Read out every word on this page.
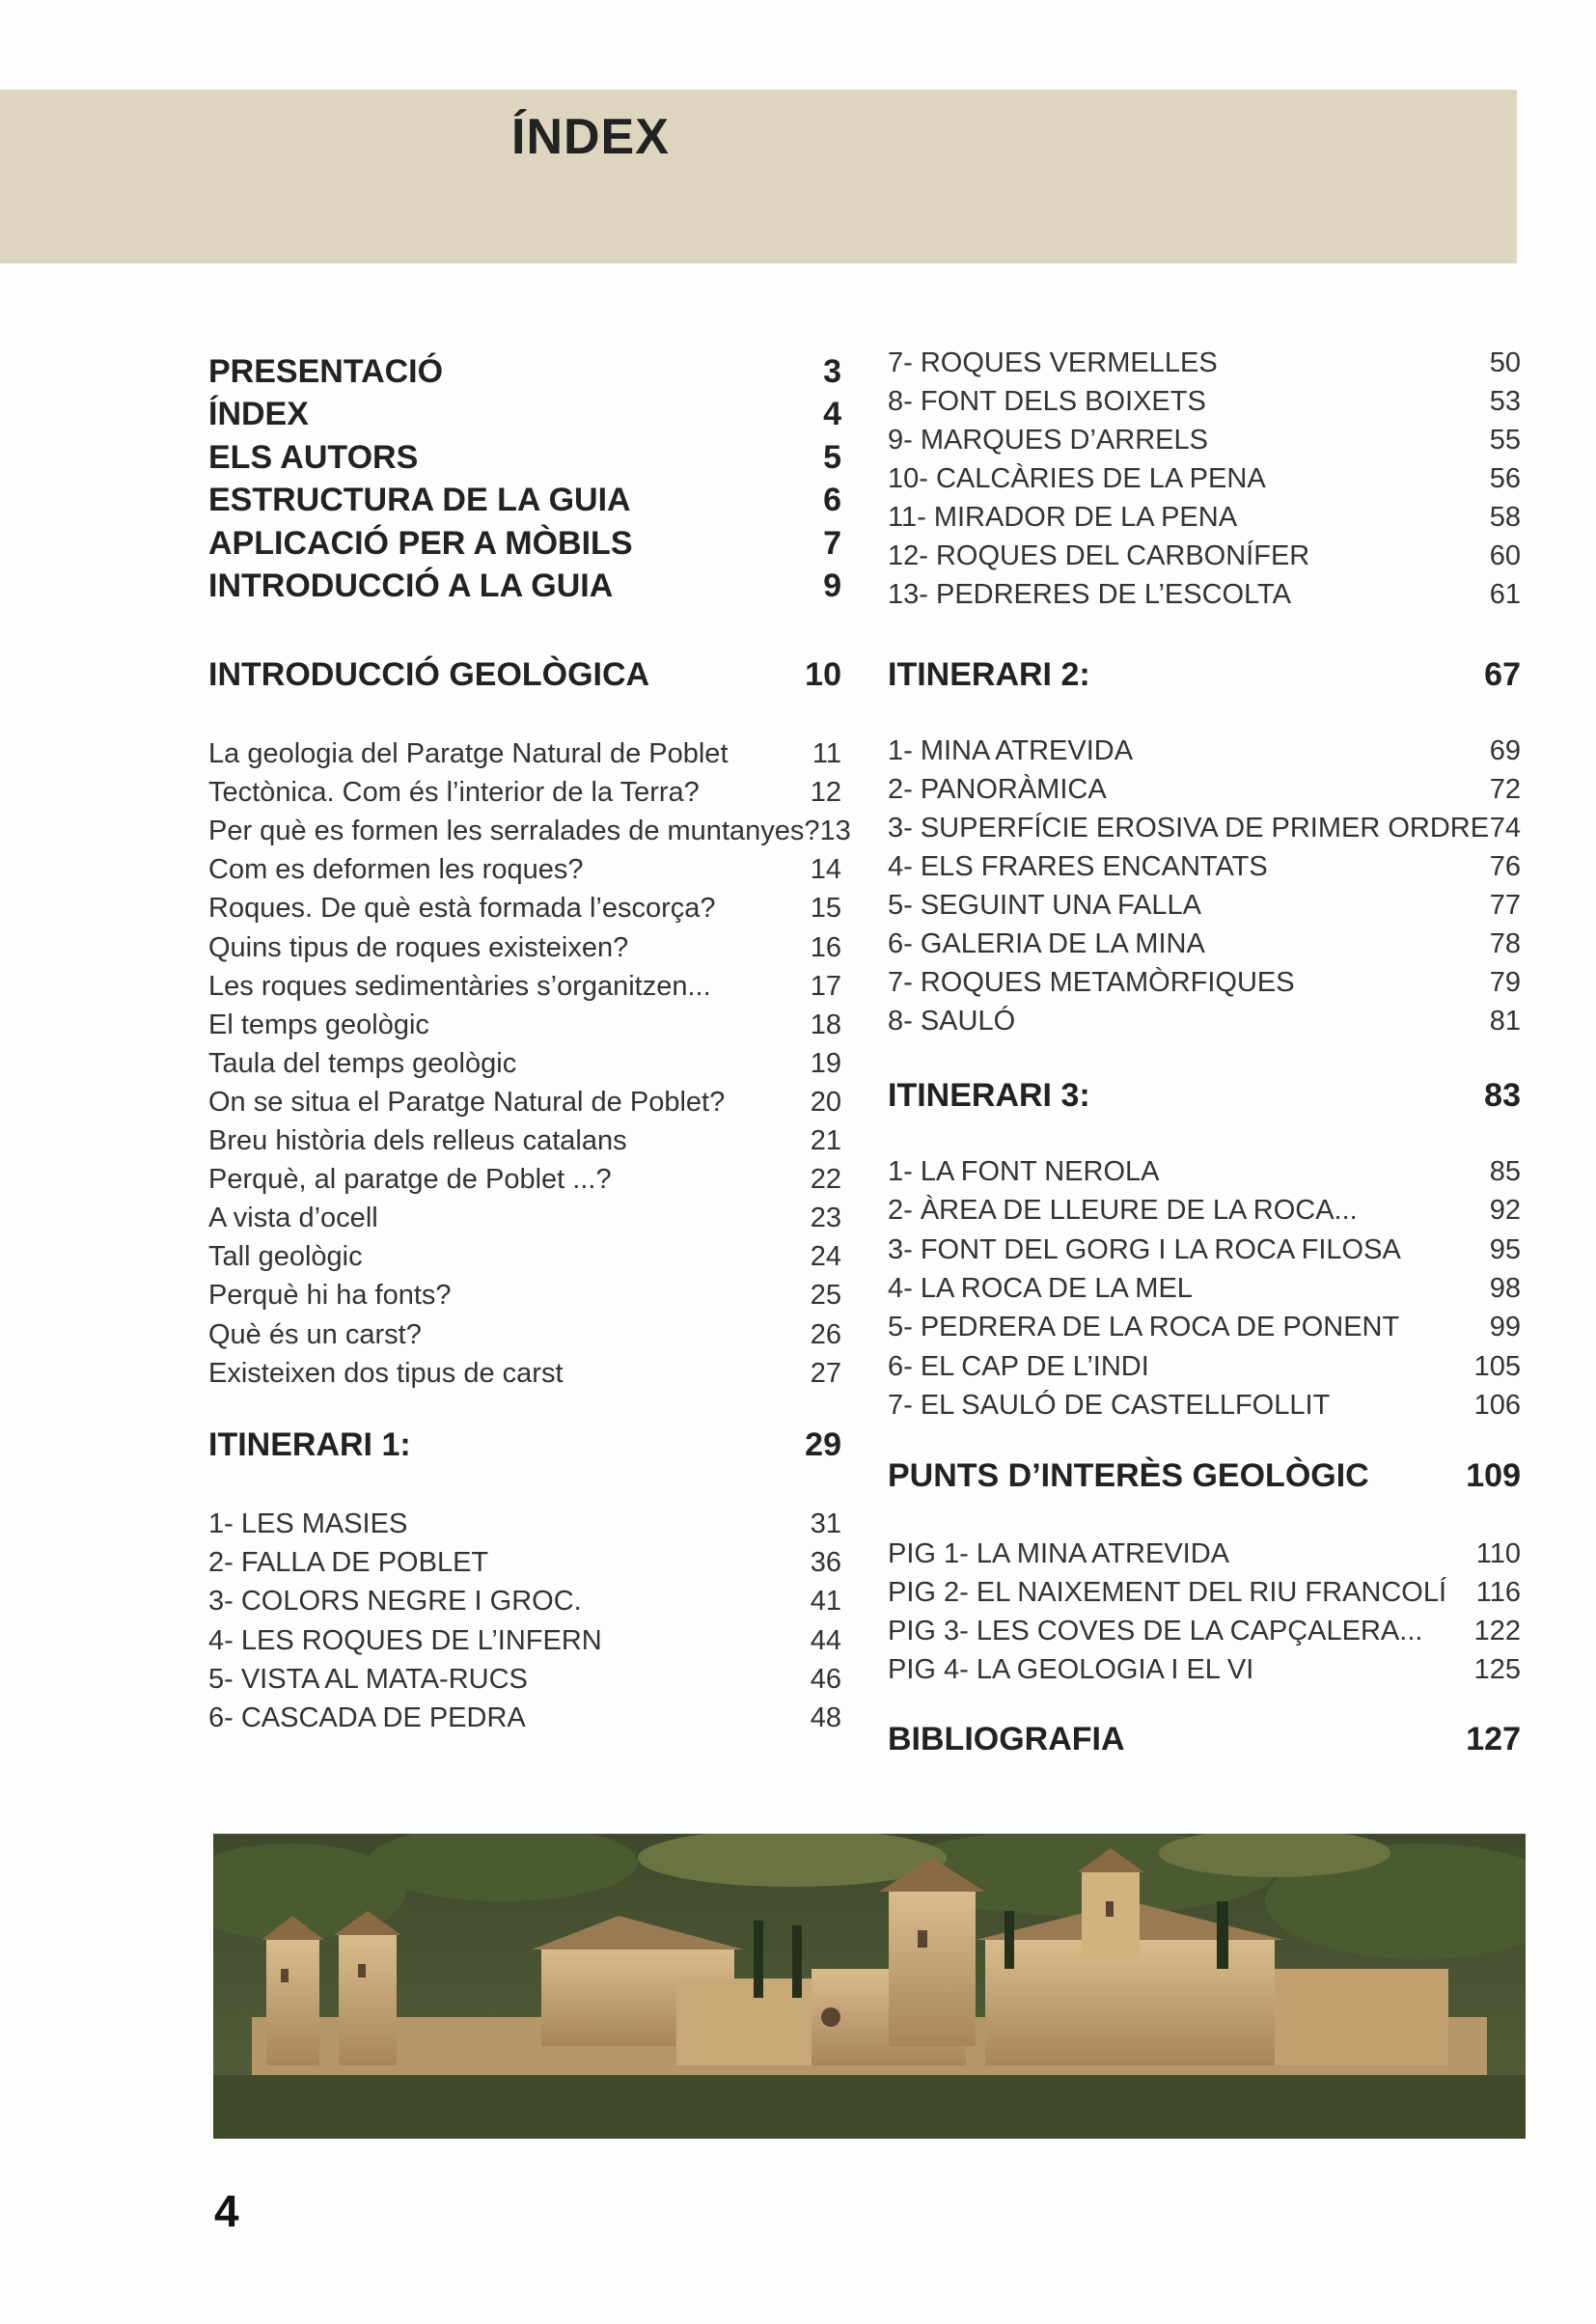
ÍNDEX
PRESENTACIÓ	3
ÍNDEX	4
ELS AUTORS	5
ESTRUCTURA DE LA GUIA	6
APLICACIÓ PER A MÒBILS	7
INTRODUCCIÓ A LA GUIA	9
INTRODUCCIÓ GEOLÒGICA	10
La geologia del Paratge Natural de Poblet	11
Tectònica. Com és l’interior de la Terra?	12
Per què es formen les serralades de muntanyes? 13
Com es deformen les roques?	14
Roques. De què està formada l’escorça?	15
Quins tipus de roques existeixen?	16
Les roques sedimentàries s’organitzen...	17
El temps geològic	18
Taula del temps geològic	19
On se situa el Paratge Natural de Poblet?	20
Breu història dels relleus catalans	21
Perquè, al paratge de Poblet ...?	22
A vista d’ocell	23
Tall geològic	24
Perquè hi ha fonts?	25
Què és un carst?	26
Existeixen dos tipus de carst	27
ITINERARI 1:	29
1- LES MASIES	31
2- FALLA DE POBLET	36
3- COLORS NEGRE I GROC.	41
4- LES ROQUES DE L’INFERN	44
5- VISTA AL MATA-RUCS	46
6- CASCADA DE PEDRA	48
7- ROQUES VERMELLES	50
8- FONT DELS BOIXETS	53
9- MARQUES D’ARRELS	55
10- CALCÀRIES DE LA PENA	56
11- MIRADOR DE LA PENA	58
12- ROQUES DEL CARBONÍFER	60
13- PEDRERES DE L’ESCOLTA	61
ITINERARI 2:	67
1- MINA ATREVIDA	69
2- PANORÀMICA	72
3- SUPERFÍCIE EROSIVA DE PRIMER ORDRE 74
4- ELS FRARES ENCANTATS	76
5- SEGUINT UNA FALLA	77
6- GALERIA DE LA MINA	78
7- ROQUES METAMÒRFIQUES	79
8- SAULÓ	81
ITINERARI 3:	83
1- LA FONT NEROLA	85
2- ÀREA DE LLEURE DE LA ROCA...	92
3- FONT DEL GORG I LA ROCA FILOSA	95
4- LA ROCA DE LA MEL	98
5- PEDRERA DE LA ROCA DE PONENT	99
6- EL CAP DE L’INDI	105
7- EL SAULÓ DE CASTELLFOLLIT	106
PUNTS D’INTERÈS GEOLÒGIC	109
PIG 1- LA MINA ATREVIDA	110
PIG 2- EL NAIXEMENT DEL RIU FRANCOLÍ 116
PIG 3- LES COVES DE LA CAPÇALERA... 122
PIG 4- LA GEOLOGIA I EL VI	125
BIBLIOGRAFIA	127
4
